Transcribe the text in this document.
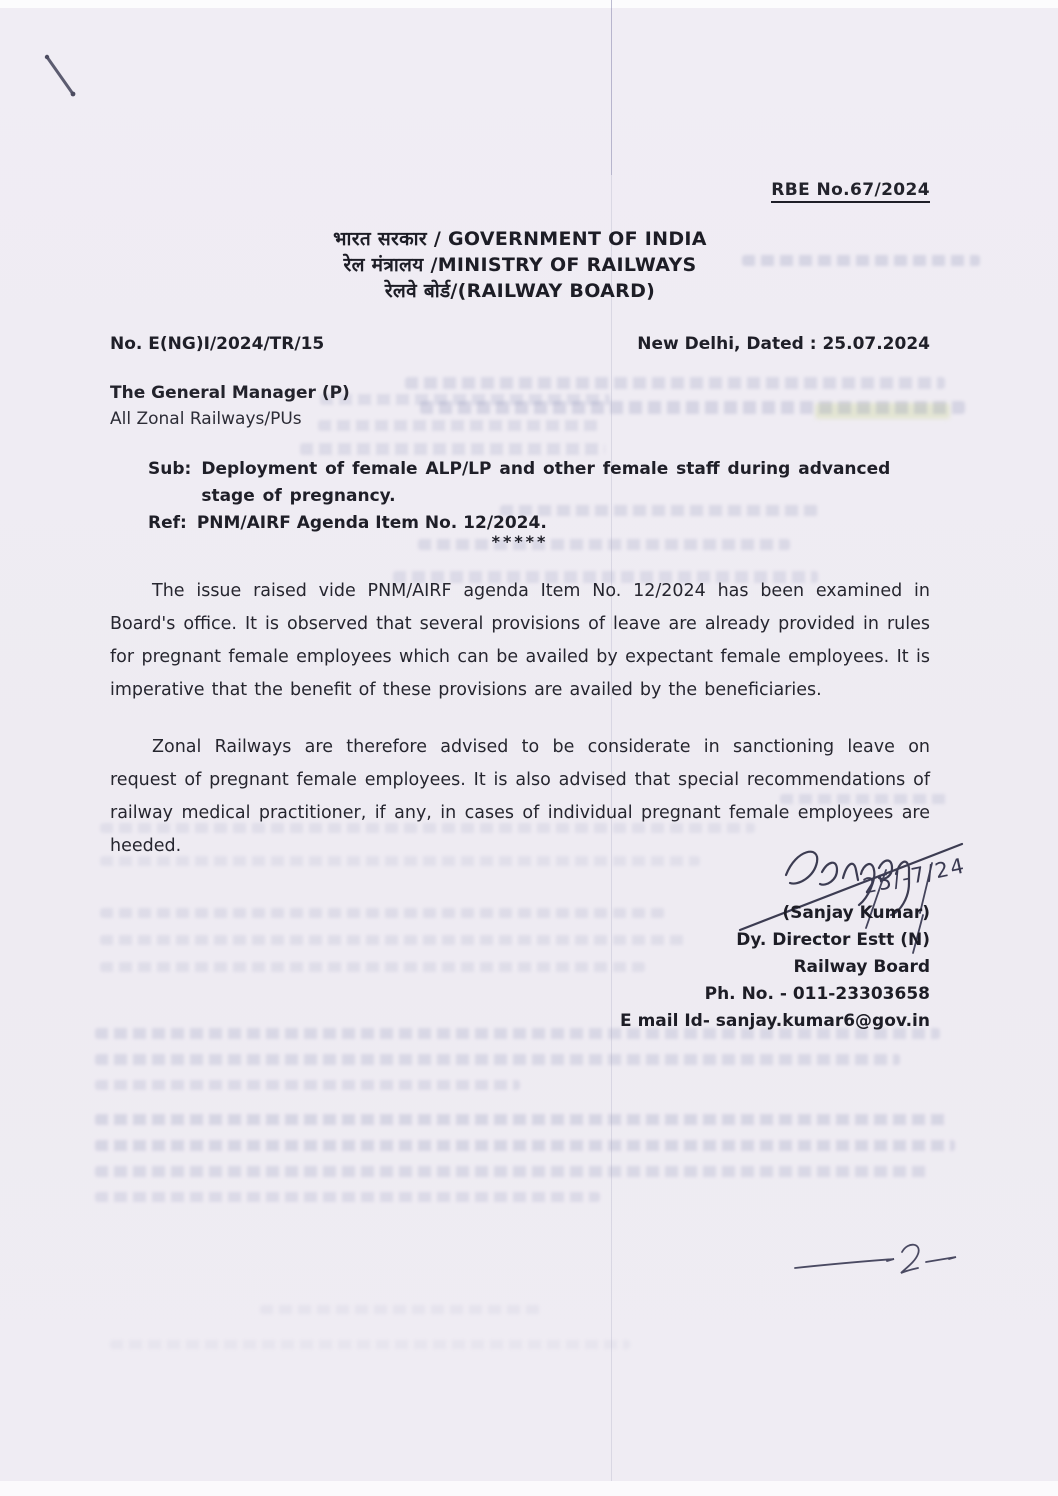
RBE No.67/2024
भारत सरकार / GOVERNMENT OF INDIA
रेल मंत्रालय /MINISTRY OF RAILWAYS
रेलवे बोर्ड/(RAILWAY BOARD)
No. E(NG)I/2024/TR/15	New Delhi, Dated : 25.07.2024
The General Manager (P)
All Zonal Railways/PUs
Sub: Deployment of female ALP/LP and other female staff during advanced stage of pregnancy.
Ref: PNM/AIRF Agenda Item No. 12/2024.
*****

The issue raised vide PNM/AIRF agenda Item No. 12/2024 has been examined in Board's office. It is observed that several provisions of leave are already provided in rules for pregnant female employees which can be availed by expectant female employees. It is imperative that the benefit of these provisions are availed by the beneficiaries.

Zonal Railways are therefore advised to be considerate in sanctioning leave on request of pregnant female employees. It is also advised that special recommendations of railway medical practitioner, if any, in cases of individual pregnant female employees are heeded.

25/-7/24
(Sanjay Kumar)
Dy. Director Estt (N)
Railway Board
Ph. No. - 011-23303658
E mail Id- sanjay.kumar6@gov.in
